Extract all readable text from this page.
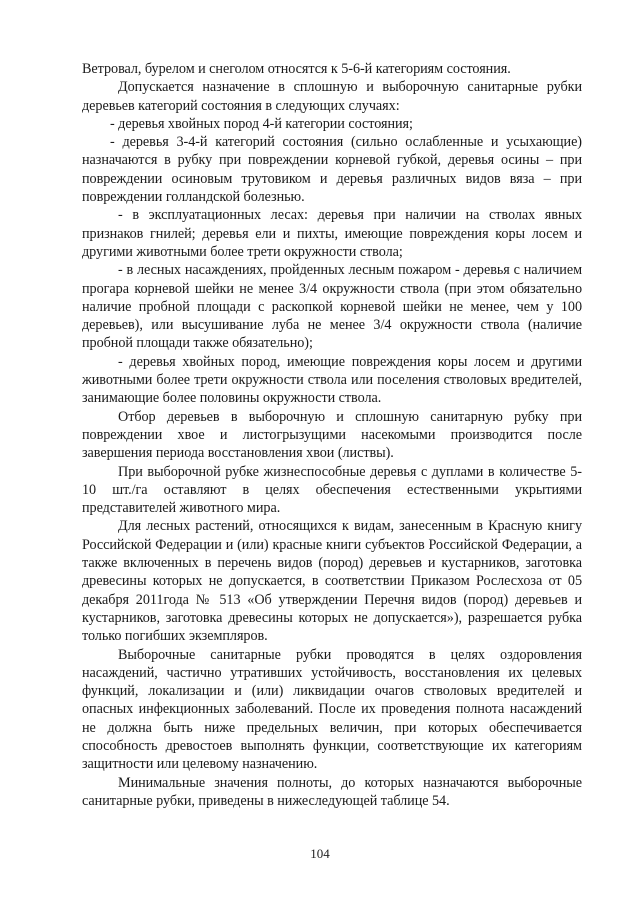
Ветровал, бурелом и снеголом относятся к 5-6-й категориям состояния.

Допускается назначение в сплошную и выборочную санитарные рубки деревьев категорий состояния в следующих случаях:

- деревья хвойных пород 4-й категории состояния;

- деревья 3-4-й категорий состояния (сильно ослабленные и усыхающие) назначаются в рубку при повреждении корневой губкой, деревья осины – при повреждении осиновым трутовиком и деревья различных видов вяза – при повреждении голландской болезнью.

- в эксплуатационных лесах: деревья при наличии на стволах явных признаков гнилей; деревья ели и пихты, имеющие повреждения коры лосем и другими животными более трети окружности ствола;

- в лесных насаждениях, пройденных лесным пожаром - деревья с наличием прогара корневой шейки не менее 3/4 окружности ствола (при этом обязательно наличие пробной площади с раскопкой корневой шейки не менее, чем у 100 деревьев), или высушивание луба не менее 3/4 окружности ствола (наличие пробной площади также обязательно);

- деревья хвойных пород, имеющие повреждения коры лосем и другими животными более трети окружности ствола или поселения стволовых вредителей, занимающие более половины окружности ствола.

Отбор деревьев в выборочную и сплошную санитарную рубку при повреждении хвое и листогрызущими насекомыми производится после завершения периода восстановления хвои (листвы).

При выборочной рубке жизнеспособные деревья с дуплами в количестве 5-10 шт./га оставляют в целях обеспечения естественными укрытиями представителей животного мира.

Для лесных растений, относящихся к видам, занесенным в Красную книгу Российской Федерации и (или) красные книги субъектов Российской Федерации, а также включенных в перечень видов (пород) деревьев и кустарников, заготовка древесины которых не допускается, в соответствии Приказом Рослесхоза от 05 декабря 2011года № 513 «Об утверждении Перечня видов (пород) деревьев и кустарников, заготовка древесины которых не допускается»), разрешается рубка только погибших экземпляров.

Выборочные санитарные рубки проводятся в целях оздоровления насаждений, частично утративших устойчивость, восстановления их целевых функций, локализации и (или) ликвидации очагов стволовых вредителей и опасных инфекционных заболеваний. После их проведения полнота насаждений не должна быть ниже предельных величин, при которых обеспечивается способность древостоев выполнять функции, соответствующие их категориям защитности или целевому назначению.

Минимальные значения полноты, до которых назначаются выборочные санитарные рубки, приведены в нижеследующей таблице 54.

104
